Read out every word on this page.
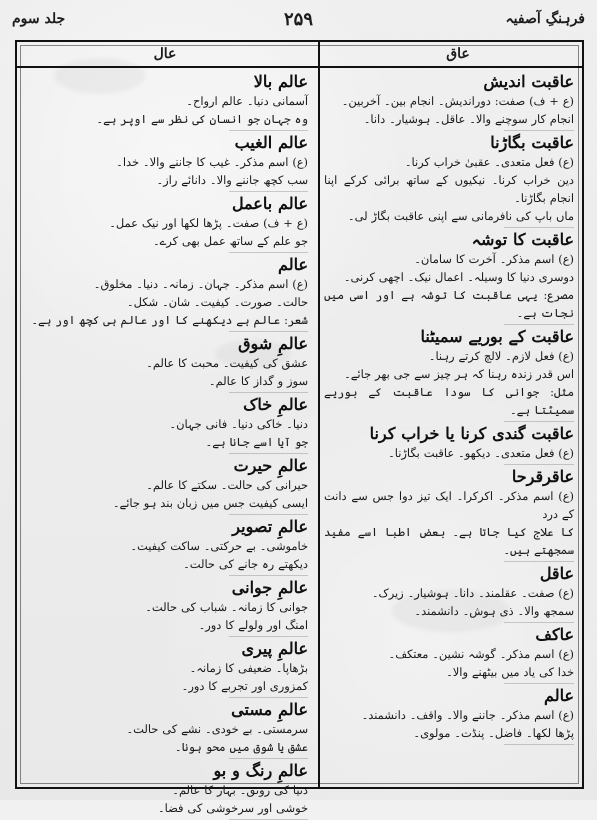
فرہنگِ آصفیہ
۲۵۹
جلد سوم
عاق
عال
عاقبت اندیش
(ع + ف) صفت: دوراندیش۔ انجام بین۔ آخربین۔
انجام کار سوچنے والا۔ عاقل۔ ہوشیار۔ دانا۔
عاقبت بگاڑنا
(ع) فعل متعدی۔ عقبیٰ خراب کرنا۔
دین خراب کرنا۔ نیکیوں کے ساتھ برائی کرکے اپنا انجام بگاڑنا۔
ماں باپ کی نافرمانی سے اپنی عاقبت بگاڑ لی۔
عاقبت کا توشہ
(ع) اسم مذکر۔ آخرت کا سامان۔
دوسری دنیا کا وسیلہ۔ اعمال نیک۔ اچھی کرنی۔
مصرع: یہی عاقبت کا توشہ ہے اور اسی میں نجات ہے۔
عاقبت کے بوریے سمیٹنا
(ع) فعل لازم۔ لالچ کرتے رہنا۔
اس قدر زندہ رہنا کہ ہر چیز سے جی بھر جائے۔
مثل: جوانی کا سودا عاقبت کے بوریے سمیٹتا ہے۔
عاقبت گندی کرنا یا خراب کرنا
(ع) فعل متعدی۔ دیکھو۔ عاقبت بگاڑنا۔
عاقرقرحا
(ع) اسم مذکر۔ اکرکرا۔ ایک تیز دوا جس سے دانت کے درد
کا علاج کیا جاتا ہے۔ بعض اطبا اسے مفید سمجھتے ہیں۔
عاقل
(ع) صفت۔ عقلمند۔ دانا۔ ہوشیار۔ زیرک۔
سمجھ والا۔ ذی ہوش۔ دانشمند۔
عاکف
(ع) اسم مذکر۔ گوشہ نشین۔ معتکف۔
خدا کی یاد میں بیٹھنے والا۔
عالم
(ع) اسم مذکر۔ جاننے والا۔ واقف۔ دانشمند۔
پڑھا لکھا۔ فاضل۔ پنڈت۔ مولوی۔
عالم بالا
آسمانی دنیا۔ عالم ارواح۔
وہ جہان جو انسان کی نظر سے اوپر ہے۔
عالم الغیب
(ع) اسم مذکر۔ غیب کا جاننے والا۔ خدا۔
سب کچھ جاننے والا۔ دانائے راز۔
عالم باعمل
(ع + ف) صفت۔ پڑھا لکھا اور نیک عمل۔
جو علم کے ساتھ عمل بھی کرے۔
عالم
(ع) اسم مذکر۔ جہان۔ زمانہ۔ دنیا۔ مخلوق۔
حالت۔ صورت۔ کیفیت۔ شان۔ شکل۔
شعر: عالم ہے دیکھنے کا اور عالم ہی کچھ اور ہے۔
عالمِ شوق
عشق کی کیفیت۔ محبت کا عالم۔
سوز و گداز کا عالم۔
عالمِ خاک
دنیا۔ خاکی دنیا۔ فانی جہان۔
جو آیا اسے جانا ہے۔
عالمِ حیرت
حیرانی کی حالت۔ سکتے کا عالم۔
ایسی کیفیت جس میں زبان بند ہو جائے۔
عالمِ تصویر
خاموشی۔ بے حرکتی۔ ساکت کیفیت۔
دیکھتے رہ جانے کی حالت۔
عالمِ جوانی
جوانی کا زمانہ۔ شباب کی حالت۔
امنگ اور ولولے کا دور۔
عالمِ پیری
بڑھاپا۔ ضعیفی کا زمانہ۔
کمزوری اور تجربے کا دور۔
عالمِ مستی
سرمستی۔ بے خودی۔ نشے کی حالت۔
عشق یا شوق میں محو ہونا۔
عالمِ رنگ و بو
دنیا کی رونق۔ بہار کا عالم۔
خوشی اور سرخوشی کی فضا۔
